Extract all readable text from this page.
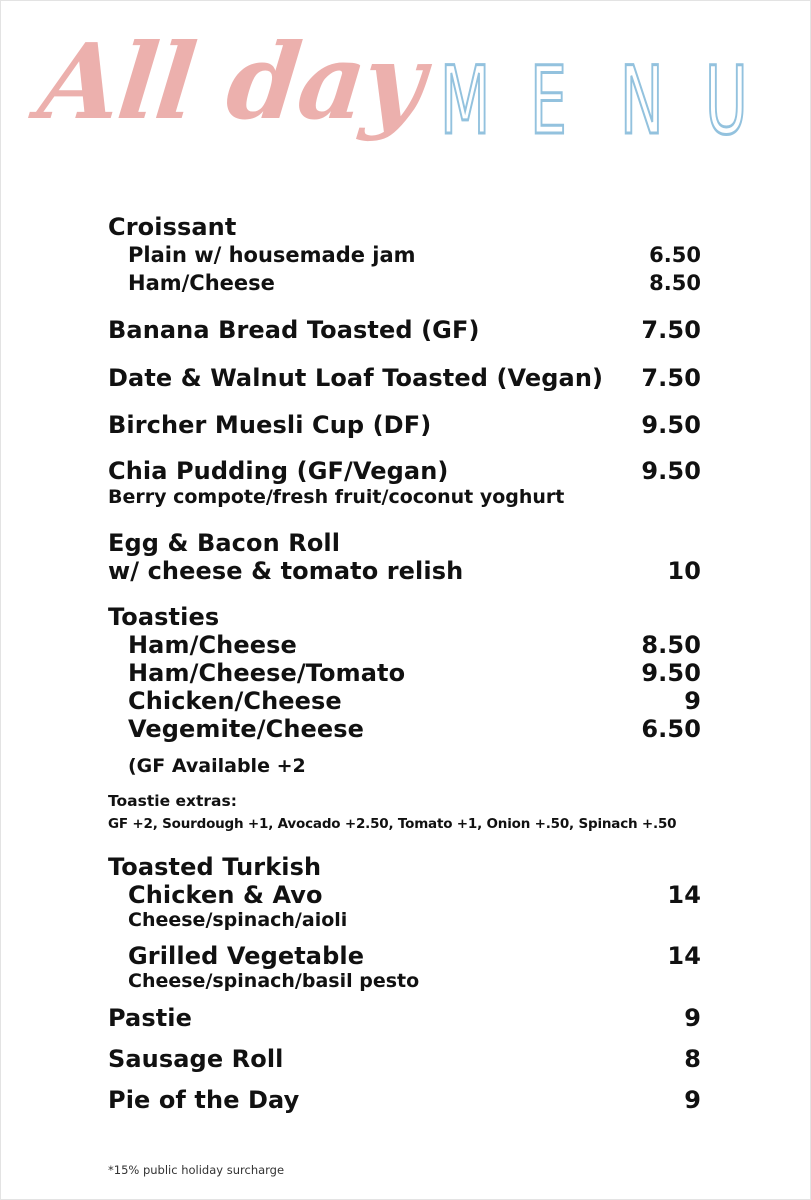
All day M E N U
Croissant
Plain w/ housemade jam	6.50
Ham/Cheese	8.50
Banana Bread Toasted (GF)	7.50
Date & Walnut Loaf Toasted (Vegan) 7.50
Bircher Muesli Cup (DF)	9.50
Chia Pudding (GF/Vegan)	9.50
Berry compote/fresh fruit/coconut yoghurt
Egg & Bacon Roll
w/ cheese & tomato relish	10
Toasties
Ham/Cheese	8.50
Ham/Cheese/Tomato	9.50
Chicken/Cheese	9
Vegemite/Cheese	6.50
(GF Available +2
Toastie extras:
GF +2, Sourdough +1, Avocado +2.50, Tomato +1, Onion +.50, Spinach +.50
Toasted Turkish
Chicken & Avo	14
Cheese/spinach/aioli
Grilled Vegetable	14
Cheese/spinach/basil pesto
Pastie	9
Sausage Roll	8
Pie of the Day	9
*15% public holiday surcharge
